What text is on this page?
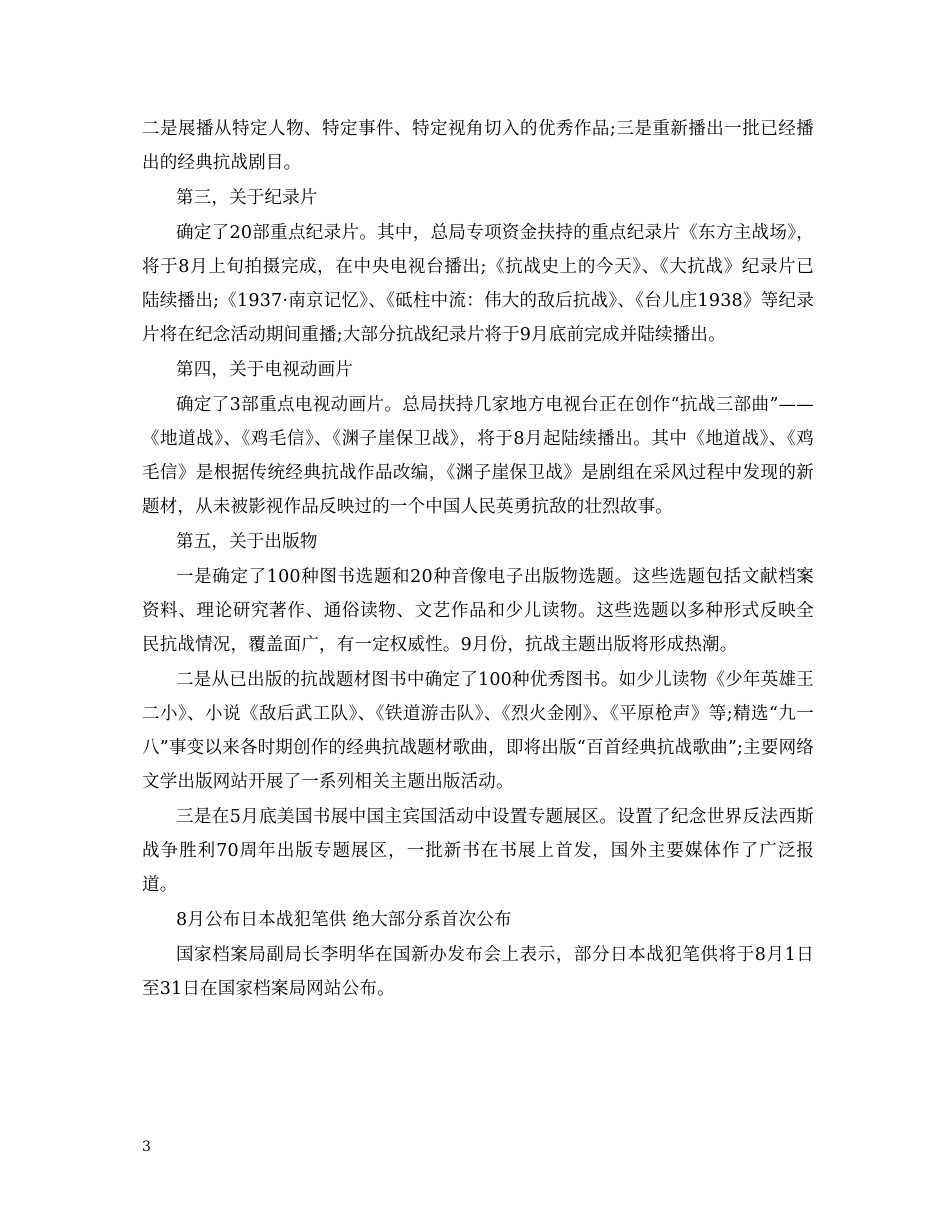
二是展播从特定人物、特定事件、特定视角切入的优秀作品;三是重新播出一批已经播出的经典抗战剧目。

第三，关于纪录片

确定了20部重点纪录片。其中，总局专项资金扶持的重点纪录片《东方主战场》，将于8月上旬拍摄完成，在中央电视台播出;《抗战史上的今天》、《大抗战》纪录片已陆续播出;《1937·南京记忆》、《砥柱中流：伟大的敌后抗战》、《台儿庄1938》等纪录片将在纪念活动期间重播;大部分抗战纪录片将于9月底前完成并陆续播出。

第四，关于电视动画片

确定了3部重点电视动画片。总局扶持几家地方电视台正在创作“抗战三部曲”——《地道战》、《鸡毛信》、《渊子崖保卫战》，将于8月起陆续播出。其中《地道战》、《鸡毛信》是根据传统经典抗战作品改编，《渊子崖保卫战》是剧组在采风过程中发现的新题材，从未被影视作品反映过的一个中国人民英勇抗敌的壮烈故事。

第五，关于出版物

一是确定了100种图书选题和20种音像电子出版物选题。这些选题包括文献档案资料、理论研究著作、通俗读物、文艺作品和少儿读物。这些选题以多种形式反映全民抗战情况，覆盖面广，有一定权威性。9月份，抗战主题出版将形成热潮。

二是从已出版的抗战题材图书中确定了100种优秀图书。如少儿读物《少年英雄王二小》、小说《敌后武工队》、《铁道游击队》、《烈火金刚》、《平原枪声》等;精选“九一八”事变以来各时期创作的经典抗战题材歌曲，即将出版“百首经典抗战歌曲”;主要网络文学出版网站开展了一系列相关主题出版活动。

三是在5月底美国书展中国主宾国活动中设置专题展区。设置了纪念世界反法西斯战争胜利70周年出版专题展区，一批新书在书展上首发，国外主要媒体作了广泛报道。

8月公布日本战犯笔供 绝大部分系首次公布

国家档案局副局长李明华在国新办发布会上表示，部分日本战犯笔供将于8月1日至31日在国家档案局网站公布。

3
